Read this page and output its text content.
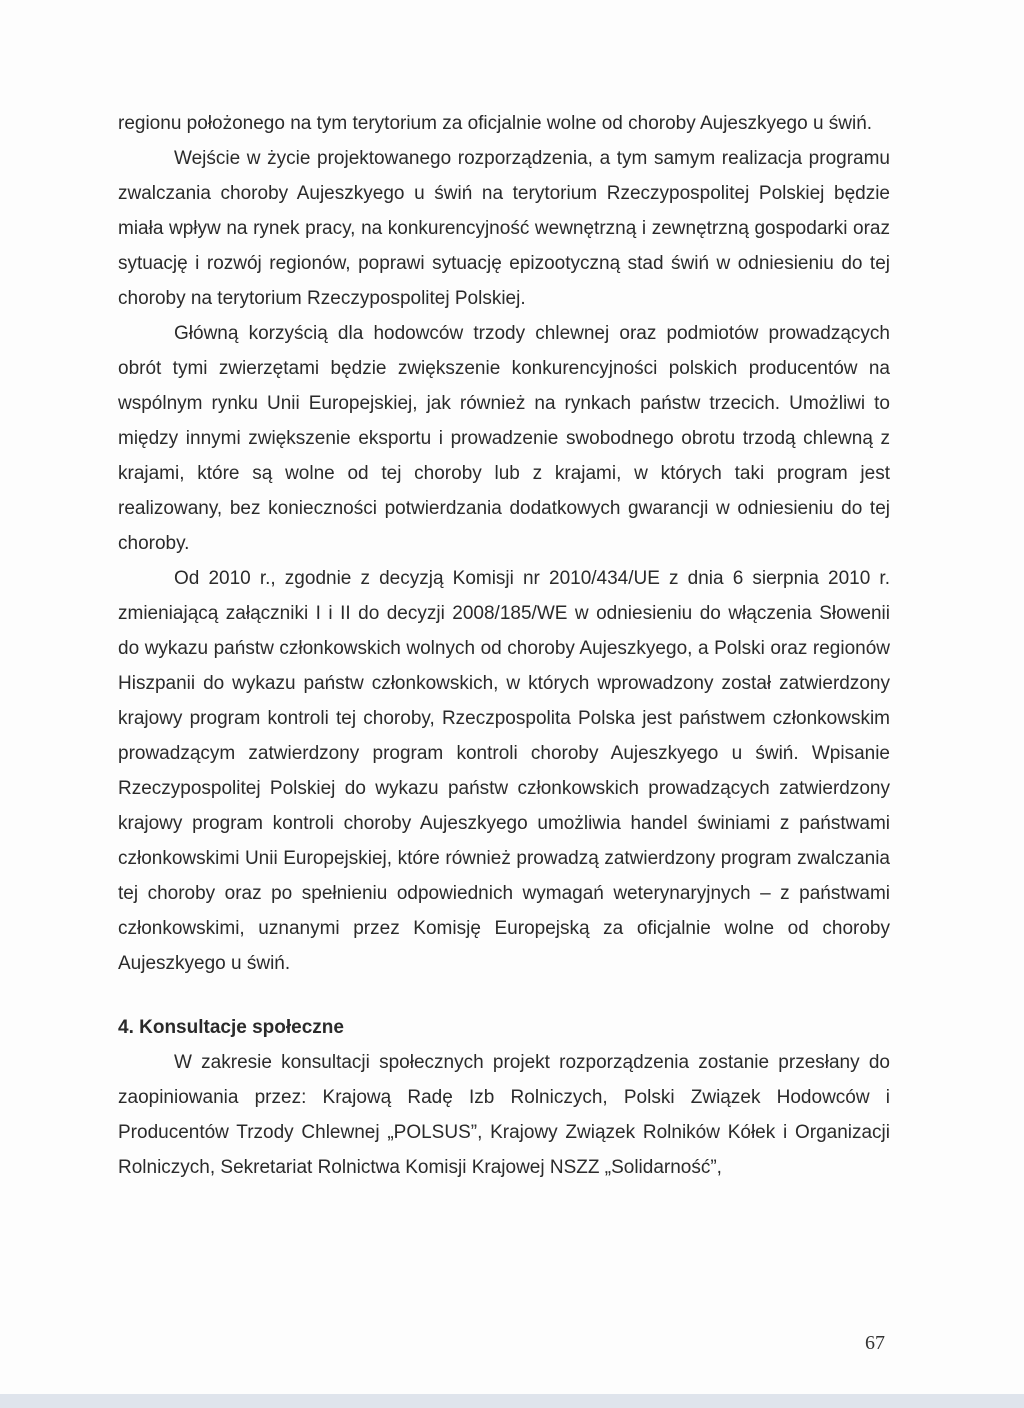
regionu położonego na tym terytorium za oficjalnie wolne od choroby Aujeszkyego u świń.

Wejście w życie projektowanego rozporządzenia, a tym samym realizacja programu zwalczania choroby Aujeszkyego u świń na terytorium Rzeczypospolitej Polskiej będzie miała wpływ na rynek pracy, na konkurencyjność wewnętrzną i zewnętrzną gospodarki oraz sytuację i rozwój regionów, poprawi sytuację epizootyczną stad świń w odniesieniu do tej choroby na terytorium Rzeczypospolitej Polskiej.

Główną korzyścią dla hodowców trzody chlewnej oraz podmiotów prowadzących obrót tymi zwierzętami będzie zwiększenie konkurencyjności polskich producentów na wspólnym rynku Unii Europejskiej, jak również na rynkach państw trzecich. Umożliwi to między innymi zwiększenie eksportu i prowadzenie swobodnego obrotu trzodą chlewną z krajami, które są wolne od tej choroby lub z krajami, w których taki program jest realizowany, bez konieczności potwierdzania dodatkowych gwarancji w odniesieniu do tej choroby.

Od 2010 r., zgodnie z decyzją Komisji nr 2010/434/UE z dnia 6 sierpnia 2010 r. zmieniającą załączniki I i II do decyzji 2008/185/WE w odniesieniu do włączenia Słowenii do wykazu państw członkowskich wolnych od choroby Aujeszkyego, a Polski oraz regionów Hiszpanii do wykazu państw członkowskich, w których wprowadzony został zatwierdzony krajowy program kontroli tej choroby, Rzeczpospolita Polska jest państwem członkowskim prowadzącym zatwierdzony program kontroli choroby Aujeszkyego u świń. Wpisanie Rzeczypospolitej Polskiej do wykazu państw członkowskich prowadzących zatwierdzony krajowy program kontroli choroby Aujeszkyego umożliwia handel świniami z państwami członkowskimi Unii Europejskiej, które również prowadzą zatwierdzony program zwalczania tej choroby oraz po spełnieniu odpowiednich wymagań weterynaryjnych – z państwami członkowskimi, uznanymi przez Komisję Europejską za oficjalnie wolne od choroby Aujeszkyego u świń.

4. Konsultacje społeczne

W zakresie konsultacji społecznych projekt rozporządzenia zostanie przesłany do zaopiniowania przez: Krajową Radę Izb Rolniczych, Polski Związek Hodowców i Producentów Trzody Chlewnej „POLSUS”, Krajowy Związek Rolników Kółek i Organizacji Rolniczych, Sekretariat Rolnictwa Komisji Krajowej NSZZ „Solidarność”,

67
